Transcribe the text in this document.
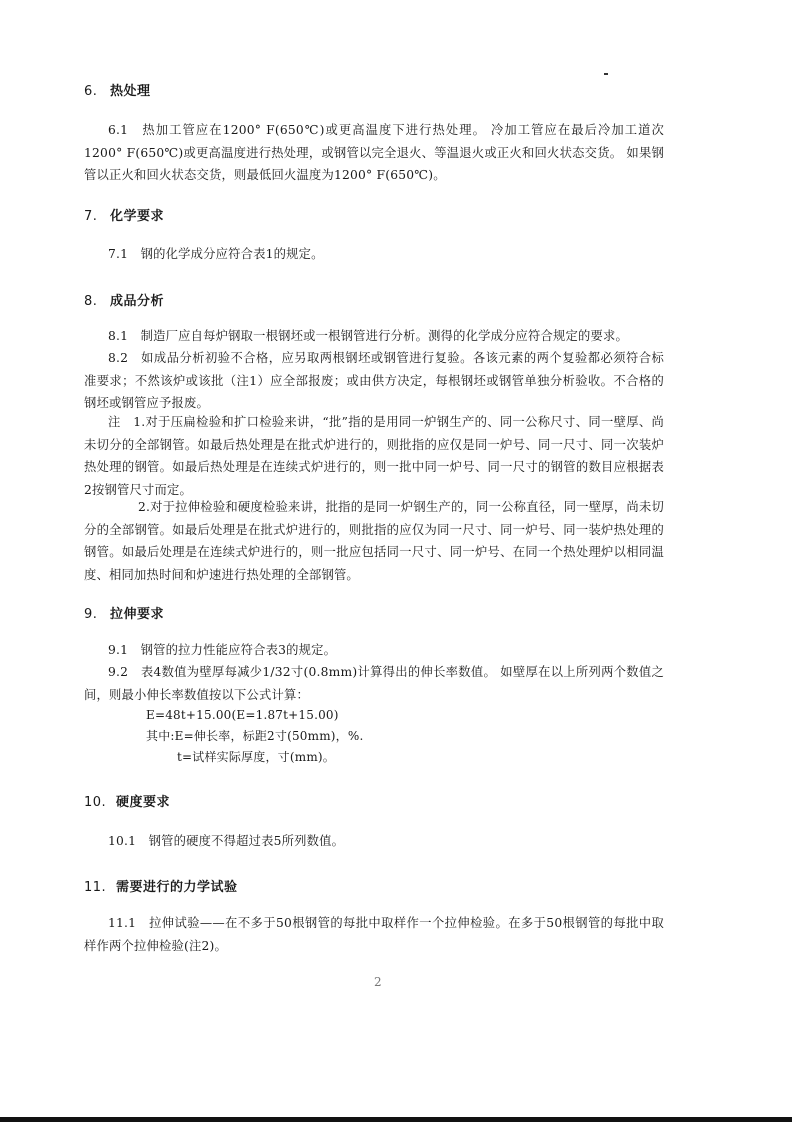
6. 热处理

6.1　热加工管应在1200° F(650℃)或更高温度下进行热处理。 冷加工管应在最后冷加工道次1200° F(650℃)或更高温度进行热处理，或钢管以完全退火、等温退火或正火和回火状态交货。 如果钢管以正火和回火状态交货，则最低回火温度为1200° F(650℃)。

7. 化学要求

7.1　钢的化学成分应符合表1的规定。

8. 成品分析

8.1　制造厂应自每炉钢取一根钢坯或一根钢管进行分析。测得的化学成分应符合规定的要求。

8.2　如成品分析初验不合格，应另取两根钢坯或钢管进行复验。各该元素的两个复验都必须符合标准要求；不然该炉或该批（注1）应全部报废；或由供方决定，每根钢坯或钢管单独分析验收。不合格的钢坯或钢管应予报废。

注　1.对于压扁检验和扩口检验来讲，“批”指的是用同一炉钢生产的、同一公称尺寸、同一壁厚、尚未切分的全部钢管。如最后热处理是在批式炉进行的，则批指的应仅是同一炉号、同一尺寸、同一次装炉热处理的钢管。如最后热处理是在连续式炉进行的，则一批中同一炉号、同一尺寸的钢管的数目应根据表2按钢管尺寸而定。

2.对于拉伸检验和硬度检验来讲，批指的是同一炉钢生产的，同一公称直径，同一壁厚，尚未切分的全部钢管。如最后处理是在批式炉进行的，则批指的应仅为同一尺寸、同一炉号、同一装炉热处理的钢管。如最后处理是在连续式炉进行的，则一批应包括同一尺寸、同一炉号、在同一个热处理炉以相同温度、相同加热时间和炉速进行热处理的全部钢管。

9. 拉伸要求

9.1　钢管的拉力性能应符合表3的规定。

9.2　表4数值为壁厚每减少1/32寸(0.8mm)计算得出的伸长率数值。 如壁厚在以上所列两个数值之间，则最小伸长率数值按以下公式计算：

E=48t+15.00(E=1.87t+15.00)

其中:E=伸长率，标距2寸(50mm)，%.

t=试样实际厚度，寸(mm)。

10. 硬度要求

10.1　钢管的硬度不得超过表5所列数值。

11. 需要进行的力学试验

11.1　拉伸试验——在不多于50根钢管的每批中取样作一个拉伸检验。在多于50根钢管的每批中取样作两个拉伸检验(注2)。

2
